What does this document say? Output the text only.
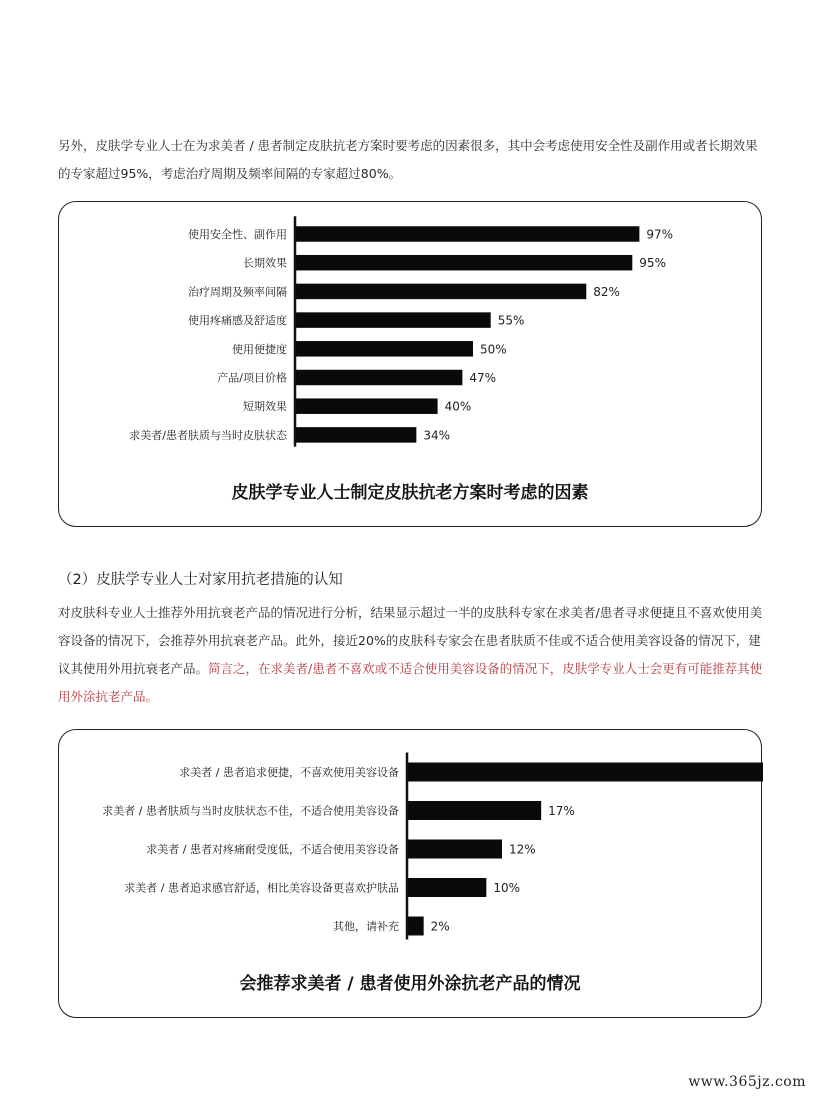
另外，皮肤学专业人士在为求美者 / 患者制定皮肤抗老方案时要考虑的因素很多，其中会考虑使用安全性及副作用或者长期效果的专家超过95%，考虑治疗周期及频率间隔的专家超过80%。

使用安全性、副作用	97%
长期效果	95%
治疗周期及频率间隔	82%
使用疼痛感及舒适度	55%
使用便捷度	50%
产品/项目价格	47%
短期效果	40%
求美者/患者肤质与当时皮肤状态	34%

皮肤学专业人士制定皮肤抗老方案时考虑的因素

（2）皮肤学专业人士对家用抗老措施的认知

对皮肤科专业人士推荐外用抗衰老产品的情况进行分析，结果显示超过一半的皮肤科专家在求美者/患者寻求便捷且不喜欢使用美容设备的情况下，会推荐外用抗衰老产品。此外，接近20%的皮肤科专家会在患者肤质不佳或不适合使用美容设备的情况下，建议其使用外用抗衰老产品。简言之，在求美者/患者不喜欢或不适合使用美容设备的情况下，皮肤学专业人士会更有可能推荐其使用外涂抗老产品。

求美者 / 患者追求便捷，不喜欢使用美容设备
求美者 / 患者肤质与当时皮肤状态不佳，不适合使用美容设备	17%
求美者 / 患者对疼痛耐受度低，不适合使用美容设备	12%
求美者 / 患者追求感官舒适，相比美容设备更喜欢护肤品	10%
其他，请补充	2%

会推荐求美者 / 患者使用外涂抗老产品的情况

www.365jz.com
